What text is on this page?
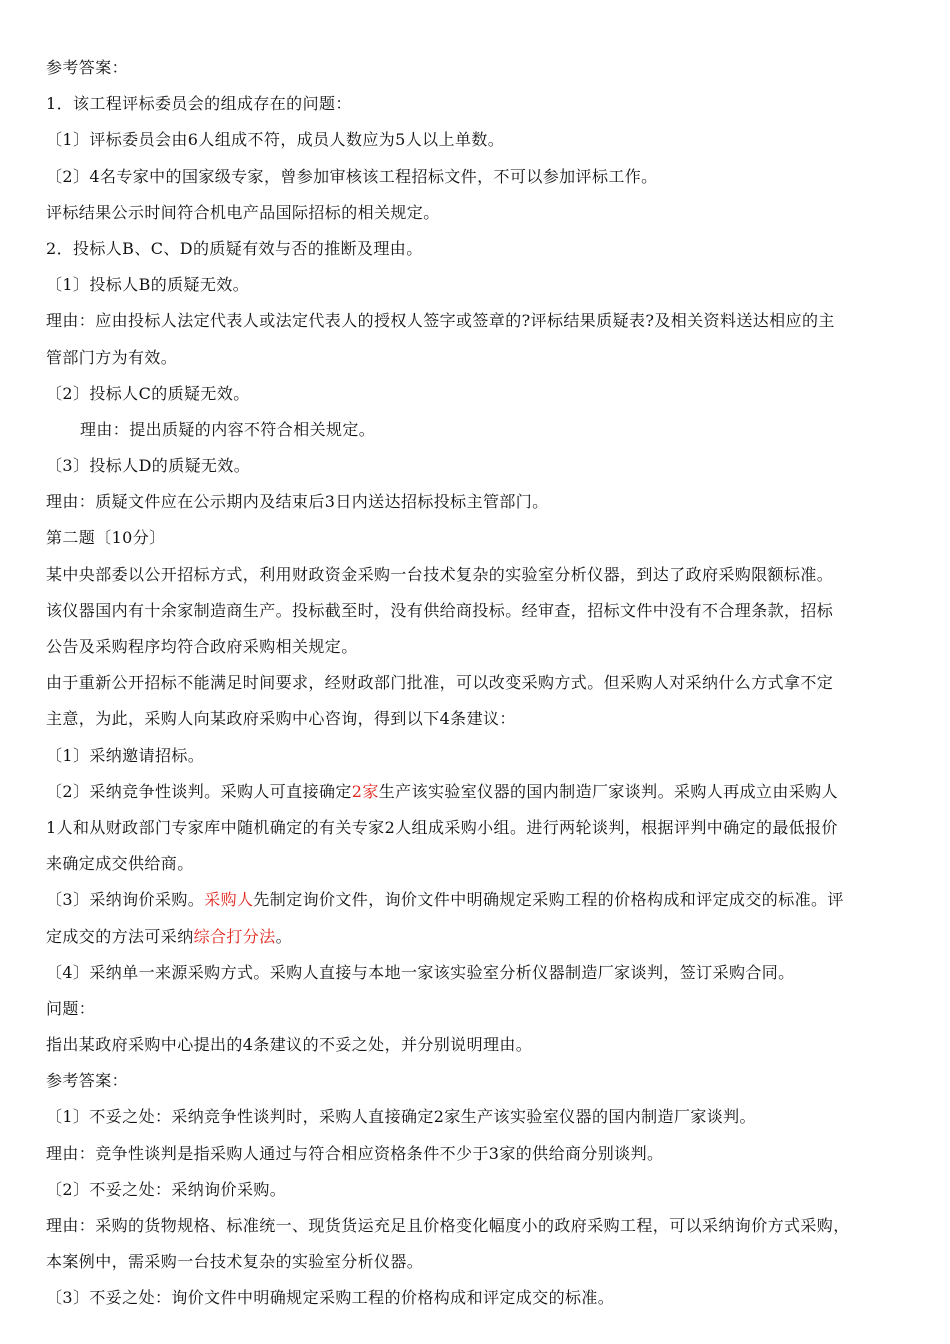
参考答案：
1．该工程评标委员会的组成存在的问题：
〔1〕评标委员会由6人组成不符，成员人数应为5人以上单数。
〔2〕4名专家中的国家级专家，曾参加审核该工程招标文件，不可以参加评标工作。
评标结果公示时间符合机电产品国际招标的相关规定。
2．投标人B、C、D的质疑有效与否的推断及理由。
〔1〕投标人B的质疑无效。
理由：应由投标人法定代表人或法定代表人的授权人签字或签章的?评标结果质疑表?及相关资料送达相应的主
管部门方为有效。
〔2〕投标人C的质疑无效。
理由：提出质疑的内容不符合相关规定。
〔3〕投标人D的质疑无效。
理由：质疑文件应在公示期内及结束后3日内送达招标投标主管部门。
第二题〔10分〕
某中央部委以公开招标方式，利用财政资金采购一台技术复杂的实验室分析仪器，到达了政府采购限额标准。
该仪器国内有十余家制造商生产。投标截至时，没有供给商投标。经审查，招标文件中没有不合理条款，招标
公告及采购程序均符合政府采购相关规定。
由于重新公开招标不能满足时间要求，经财政部门批准，可以改变采购方式。但采购人对采纳什么方式拿不定
主意，为此，采购人向某政府采购中心咨询，得到以下4条建议：
〔1〕采纳邀请招标。
〔2〕采纳竞争性谈判。采购人可直接确定2家生产该实验室仪器的国内制造厂家谈判。采购人再成立由采购人
1人和从财政部门专家库中随机确定的有关专家2人组成采购小组。进行两轮谈判，根据评判中确定的最低报价
来确定成交供给商。
〔3〕采纳询价采购。采购人先制定询价文件，询价文件中明确规定采购工程的价格构成和评定成交的标准。评
定成交的方法可采纳综合打分法。
〔4〕采纳单一来源采购方式。采购人直接与本地一家该实验室分析仪器制造厂家谈判，签订采购合同。
问题：
指出某政府采购中心提出的4条建议的不妥之处，并分别说明理由。
参考答案：
〔1〕不妥之处：采纳竞争性谈判时，采购人直接确定2家生产该实验室仪器的国内制造厂家谈判。
理由：竞争性谈判是指采购人通过与符合相应资格条件不少于3家的供给商分别谈判。
〔2〕不妥之处：采纳询价采购。
理由：采购的货物规格、标准统一、现货货运充足且价格变化幅度小的政府采购工程，可以采纳询价方式采购，
本案例中，需采购一台技术复杂的实验室分析仪器。
〔3〕不妥之处：询价文件中明确规定采购工程的价格构成和评定成交的标准。
